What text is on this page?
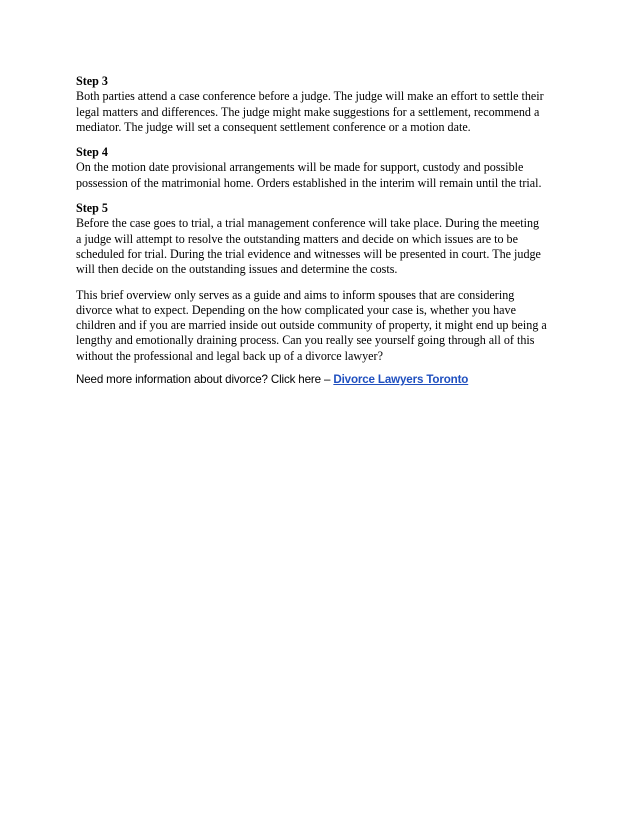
Step 3
Both parties attend a case conference before a judge. The judge will make an effort to settle their
legal matters and differences. The judge might make suggestions for a settlement, recommend a
mediator. The judge will set a consequent settlement conference or a motion date.
Step 4
On the motion date provisional arrangements will be made for support, custody and possible
possession of the matrimonial home. Orders established in the interim will remain until the trial.
Step 5
Before the case goes to trial, a trial management conference will take place. During the meeting
a judge will attempt to resolve the outstanding matters and decide on which issues are to be
scheduled for trial. During the trial evidence and witnesses will be presented in court. The judge
will then decide on the outstanding issues and determine the costs.
This brief overview only serves as a guide and aims to inform spouses that are considering
divorce what to expect. Depending on the how complicated your case is, whether you have
children and if you are married inside out outside community of property, it might end up being a
lengthy and emotionally draining process. Can you really see yourself going through all of this
without the professional and legal back up of a divorce lawyer?
Need more information about divorce? Click here – Divorce Lawyers Toronto
